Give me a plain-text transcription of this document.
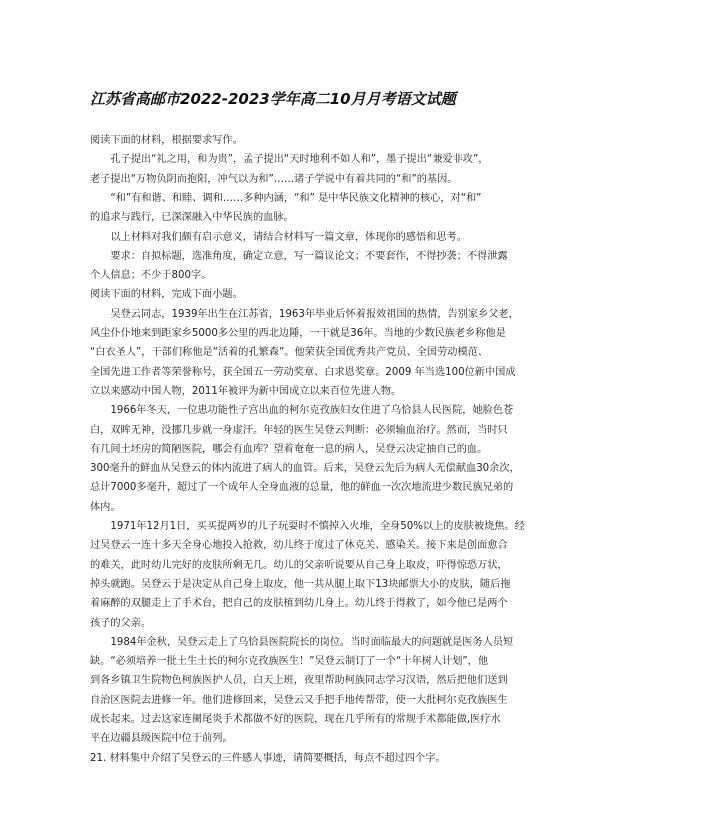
江苏省高邮市2022-2023学年高二10月月考语文试题
阅读下面的材料，根据要求写作。
　　孔子提出“礼之用，和为贵”，孟子提出“天时地利不如人和”，墨子提出“兼爱非攻”，
老子提出“万物负阴而抱阳，冲气以为和”……诸子学说中有着共同的“和”的基因。
　　“和”有和谐、和睦、调和……多种内涵，“和” 是中华民族文化精神的核心，对“和”
的追求与践行，已深深融入中华民族的血脉。
　　以上材料对我们颇有启示意义，请结合材料写一篇文章，体现你的感悟和思考。
　　要求：自拟标题，选准角度，确定立意，写一篇议论文；不要套作，不得抄袭；不得泄露
个人信息；不少于800字。
阅读下面的材料，完成下面小题。
　　吴登云同志，1939年出生在江苏省，1963年毕业后怀着报效祖国的热情，告别家乡父老，
风尘仆仆地来到距家乡5000多公里的西北边陲，一干就是36年。当地的少数民族老乡称他是
“白衣圣人”，干部们称他是“活着的孔繁森”。他荣获全国优秀共产党员、全国劳动模范、
全国先进工作者等荣誉称号，获全国五一劳动奖章、白求恩奖章。2009 年当选100位新中国成
立以来感动中国人物，2011年被评为新中国成立以来百位先进人物。
　　1966年冬天，一位患功能性子宫出血的柯尔克孜族妇女住进了乌恰县人民医院，她脸色苍
白，双眸无神，没挪几步就一身虚汗。年轻的医生吴登云判断：必须输血治疗。然而，当时只
有几间土坯房的简陋医院，哪会有血库？望着奄奄一息的病人，吴登云决定抽自己的血。
300毫升的鲜血从吴登云的体内流进了病人的血管。后来，吴登云先后为病人无偿献血30余次，
总计7000多毫升，超过了一个成年人全身血液的总量，他的鲜血一次次地流进少数民族兄弟的
体内。
　　1971年12月1日，买买提两岁的儿子玩耍时不慎掉入火堆，全身50%以上的皮肤被烧焦。经
过吴登云一连十多天全身心地投入抢救，幼儿终于度过了休克关、感染关。接下来是创面愈合
的难关，此时幼儿完好的皮肤所剩无几。幼儿的父亲听说要从自己身上取皮，吓得惊恐万状，
掉头就跑。吴登云于是决定从自己身上取皮，他一共从腿上取下13块邮票大小的皮肤，随后拖
着麻醉的双腿走上了手术台，把自己的皮肤植到幼儿身上。幼儿终于得救了，如今他已是两个
孩子的父亲。
　　1984年金秋，吴登云走上了乌恰县医院院长的岗位。当时面临最大的问题就是医务人员短
缺。“必须培养一批土生土长的柯尔克孜族医生！”吴登云制订了一个“十年树人计划”，他
到各乡镇卫生院物色柯族医护人员，白天上班，夜里帮助柯族同志学习汉语，然后把他们送到
自治区医院去进修一年。他们进修回来，吴登云又手把手地传帮带，使一大批柯尔克孜族医生
成长起来。过去这家连阑尾炎手术都做不好的医院，现在几乎所有的常规手术都能做,医疗水
平在边疆县级医院中位于前列。
21. 材料集中介绍了吴登云的三件感人事迹，请简要概括，每点不超过四个字。
